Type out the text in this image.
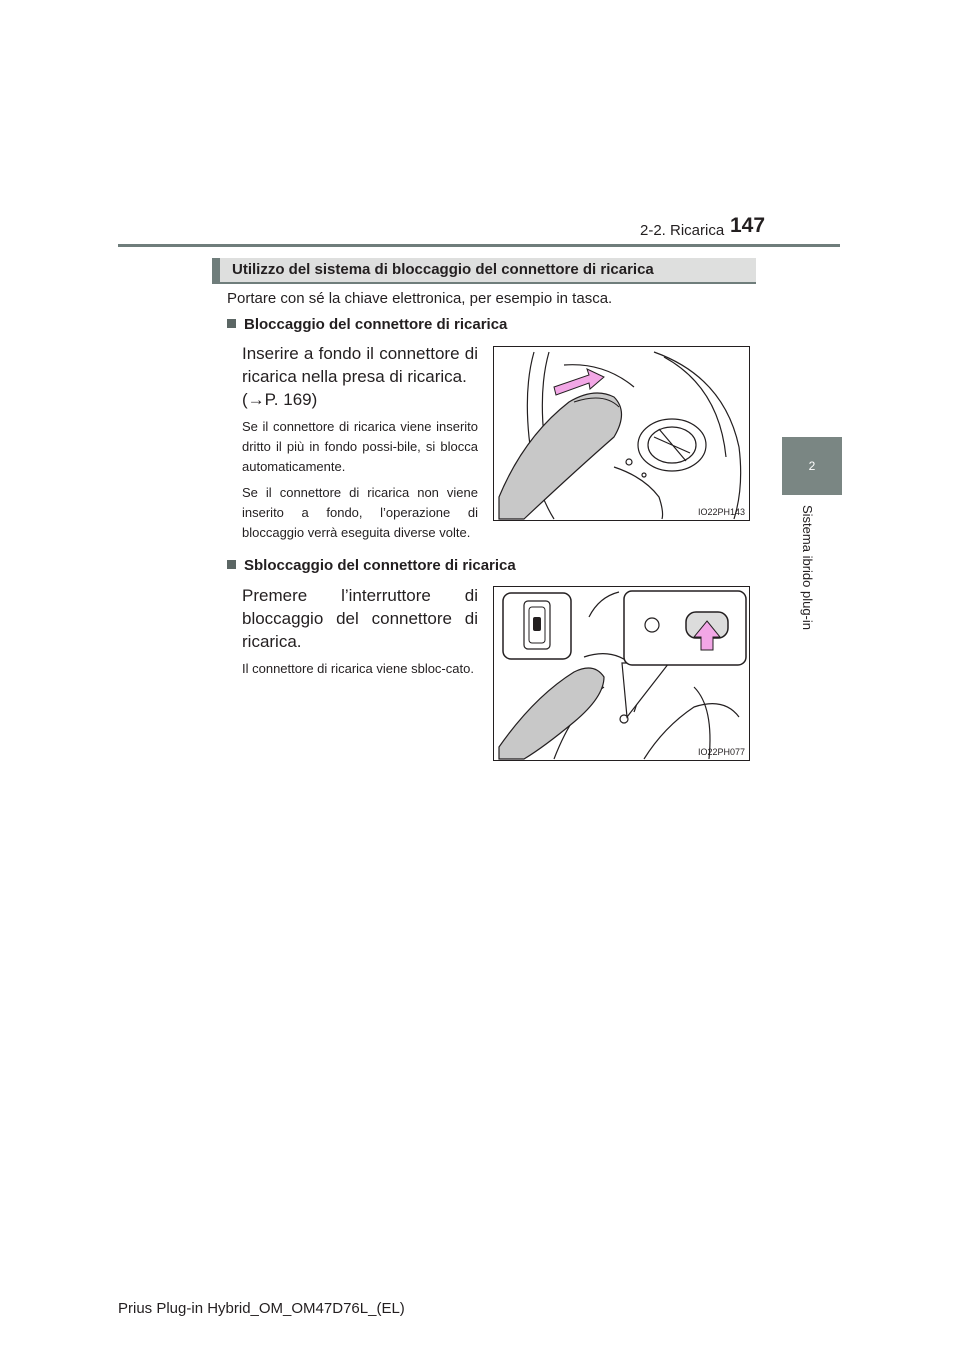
2-2. Ricarica 147
2
Sistema ibrido plug-in
Utilizzo del sistema di bloccaggio del connettore di ricarica
Portare con sé la chiave elettronica, per esempio in tasca.
Bloccaggio del connettore di ricarica
Inserire a fondo il connettore di
ricarica nella presa di ricarica.
(→P. 169)
Se il connettore di ricarica viene inserito dritto il più in fondo possi-bile, si blocca automaticamente.
Se il connettore di ricarica non viene inserito a fondo, l’operazione di bloccaggio verrà eseguita diverse volte.
IO22PH143
Sbloccaggio del connettore di ricarica
Premere l’interruttore di bloccaggio del connettore di ricarica.
Il connettore di ricarica viene sbloc-cato.
IO22PH077
Prius Plug-in Hybrid_OM_OM47D76L_(EL)
